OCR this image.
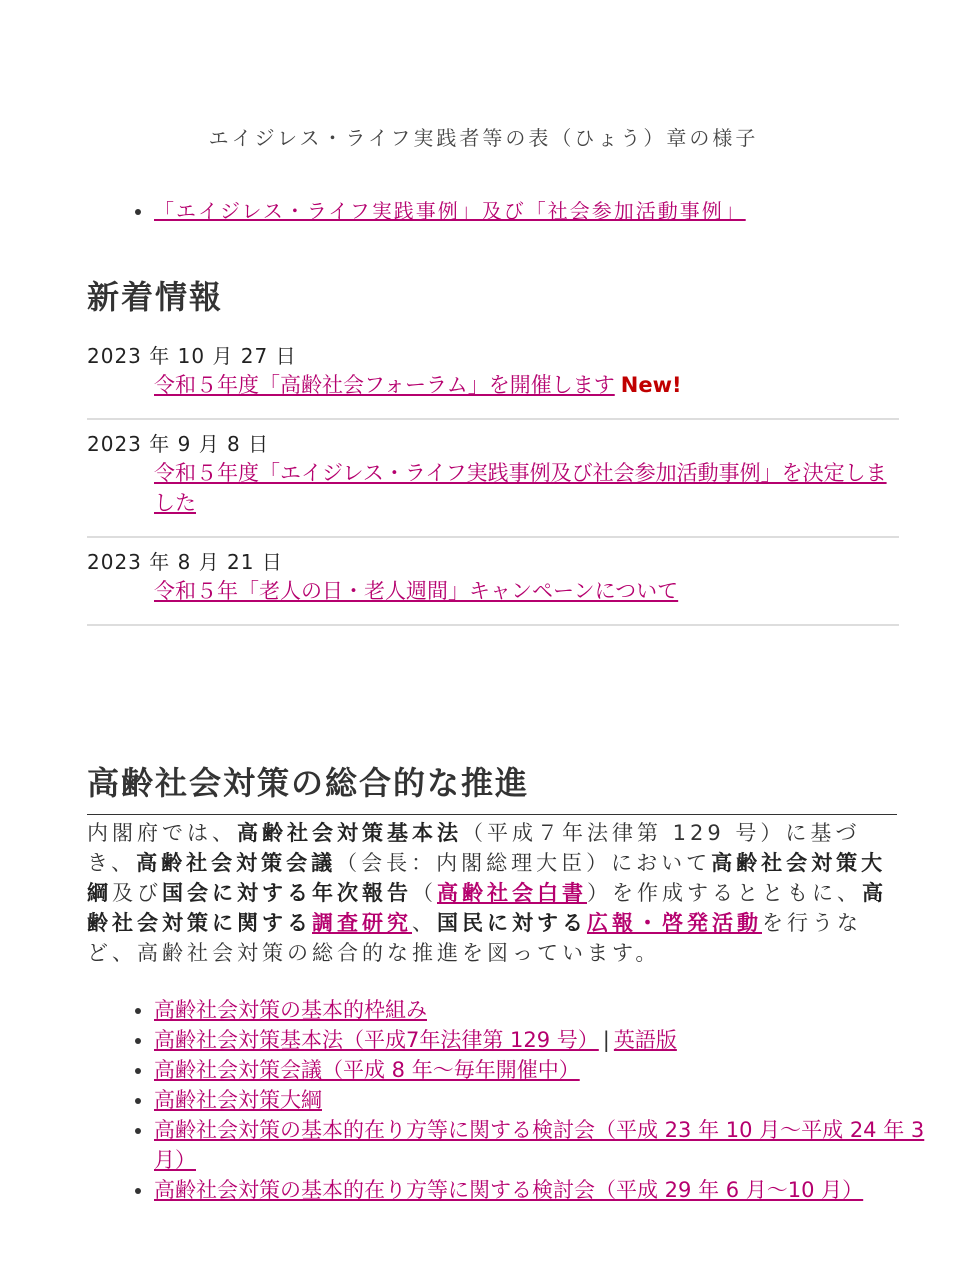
エイジレス・ライフ実践者等の表（ひょう）章の様子
• 「エイジレス・ライフ実践事例」及び「社会参加活動事例」
新着情報
2023 年 10 月 27 日
令和５年度「高齢社会フォーラム」を開催します New!
2023 年 9 月 8 日
令和５年度「エイジレス・ライフ実践事例及び社会参加活動事例」を決定しました
2023 年 8 月 21 日
令和５年「老人の日・老人週間」キャンペーンについて
高齢社会対策の総合的な推進
内閣府では、高齢社会対策基本法（平成７年法律第 129 号）に基づき、高齢社会対策会議（会長：内閣総理大臣）において高齢社会対策大綱及び国会に対する年次報告（高齢社会白書）を作成するとともに、高齢社会対策に関する調査研究、国民に対する広報・啓発活動を行うなど、高齢社会対策の総合的な推進を図っています。
• 高齢社会対策の基本的枠組み
• 高齢社会対策基本法（平成7年法律第 129 号） | 英語版
• 高齢社会対策会議（平成 8 年～毎年開催中）
• 高齢社会対策大綱
• 高齢社会対策の基本的在り方等に関する検討会（平成 23 年 10 月～平成 24 年 3 月）
• 高齢社会対策の基本的在り方等に関する検討会（平成 29 年 6 月～10 月）
